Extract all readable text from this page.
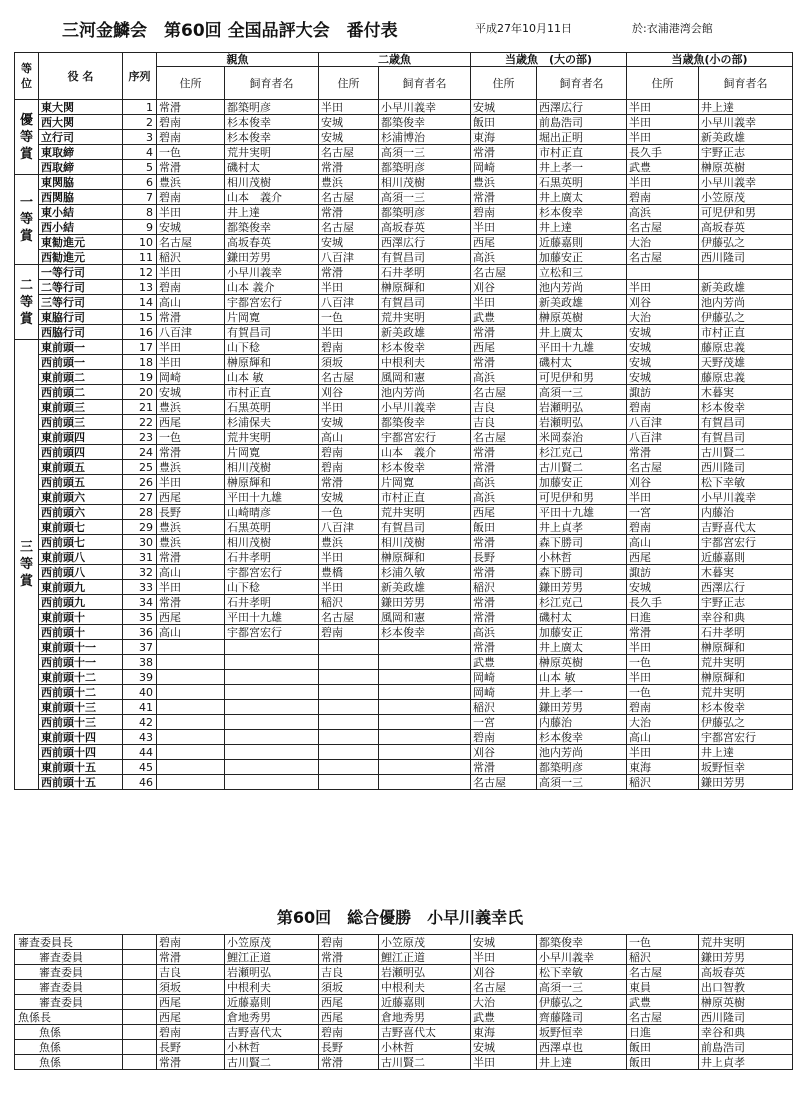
三河金鱗会　第60回 全国品評大会　番付表	平成27年10月11日	於:衣浦港湾会館
等位	役 名	序列	親魚		二歳魚		当歳魚　(大の部)		当歳魚(小の部)	
			住所	飼育者名	住所	飼育者名	住所	飼育者名	住所	飼育者名
優等賞	東大関	1	常滑	都築明彦	半田	小早川義幸	安城	西澤広行	半田	井上達
	西大関	2	碧南	杉本俊幸	安城	都築俊幸	飯田	前島浩司	半田	小早川義幸
	立行司	3	碧南	杉本俊幸	安城	杉浦博治	東海	堀出正明	半田	新美政雄
	東取締	4	一色	荒井実明	名古屋	高須一三	常滑	市村正直	長久手	宇野正志
	西取締	5	常滑	磯村太	常滑	都築明彦	岡崎	井上孝一	武豊	榊原英樹
一等賞	東関脇	6	豊浜	相川茂樹	豊浜	相川茂樹	豊浜	石黒英明	半田	小早川義幸
	西関脇	7	碧南	山本　義介	名古屋	高須一三	常滑	井上廣太	碧南	小笠原茂
	東小結	8	半田	井上達	常滑	都築明彦	碧南	杉本俊幸	高浜	可児伊和男
	西小結	9	安城	都築俊幸	名古屋	高坂春英	半田	井上達	名古屋	高坂春英
	東勧進元	10	名古屋	高坂春英	安城	西澤広行	西尾	近藤嘉則	大治	伊藤弘之
	西勧進元	11	稲沢	鎌田芳男	八百津	有賀昌司	高浜	加藤安正	名古屋	西川隆司
二等賞	一等行司	12	半田	小早川義幸	常滑	石井孝明	名古屋	立松和三		
	二等行司	13	碧南	山本 義介	半田	榊原輝和	刈谷	池内芳尚	半田	新美政雄
	三等行司	14	高山	宇都宮宏行	八百津	有賀昌司	半田	新美政雄	刈谷	池内芳尚
	東脇行司	15	常滑	片岡寛	一色	荒井実明	武豊	榊原英樹	大治	伊藤弘之
	西脇行司	16	八百津	有賀昌司	半田	新美政雄	常滑	井上廣太	安城	市村正直
三等賞	東前頭一	17	半田	山下稔	碧南	杉本俊幸	西尾	平田十九雄	安城	藤原忠義
	西前頭一	18	半田	榊原輝和	須坂	中根利夫	常滑	磯村太	安城	天野茂雄
	東前頭二	19	岡崎	山本 敏	名古屋	風岡和憲	高浜	可児伊和男	安城	藤原忠義
	西前頭二	20	安城	市村正直	刈谷	池内芳尚	名古屋	高須一三	諏訪	木暮実
	東前頭三	21	豊浜	石黒英明	半田	小早川義幸	吉良	岩瀬明弘	碧南	杉本俊幸
	西前頭三	22	西尾	杉浦保夫	安城	都築俊幸	吉良	岩瀬明弘	八百津	有賀昌司
	東前頭四	23	一色	荒井実明	高山	宇都宮宏行	名古屋	米岡泰治	八百津	有賀昌司
	西前頭四	24	常滑	片岡寛	碧南	山本　義介	常滑	杉江克己	常滑	古川賢二
	東前頭五	25	豊浜	相川茂樹	碧南	杉本俊幸	常滑	古川賢二	名古屋	西川隆司
	西前頭五	26	半田	榊原輝和	常滑	片岡寛	高浜	加藤安正	刈谷	松下幸敏
	東前頭六	27	西尾	平田十九雄	安城	市村正直	高浜	可児伊和男	半田	小早川義幸
	西前頭六	28	長野	山崎晴彦	一色	荒井実明	西尾	平田十九雄	一宮	内藤治
	東前頭七	29	豊浜	石黒英明	八百津	有賀昌司	飯田	井上貞孝	碧南	吉野喜代太
	西前頭七	30	豊浜	相川茂樹	豊浜	相川茂樹	常滑	森下勝司	高山	宇都宮宏行
	東前頭八	31	常滑	石井孝明	半田	榊原輝和	長野	小林哲	西尾	近藤嘉則
	西前頭八	32	高山	宇都宮宏行	豊橋	杉浦久敏	常滑	森下勝司	諏訪	木暮実
	東前頭九	33	半田	山下稔	半田	新美政雄	稲沢	鎌田芳男	安城	西澤広行
	西前頭九	34	常滑	石井孝明	稲沢	鎌田芳男	常滑	杉江克己	長久手	宇野正志
	東前頭十	35	西尾	平田十九雄	名古屋	風岡和憲	常滑	磯村太	日進	幸谷和典
	西前頭十	36	高山	宇都宮宏行	碧南	杉本俊幸	高浜	加藤安正	常滑	石井孝明
	東前頭十一	37					常滑	井上廣太	半田	榊原輝和
	西前頭十一	38					武豊	榊原英樹	一色	荒井実明
	東前頭十二	39					岡崎	山本 敏	半田	榊原輝和
	西前頭十二	40					岡崎	井上孝一	一色	荒井実明
	東前頭十三	41					稲沢	鎌田芳男	碧南	杉本俊幸
	西前頭十三	42					一宮	内藤治	大治	伊藤弘之
	東前頭十四	43					碧南	杉本俊幸	高山	宇都宮宏行
	西前頭十四	44					刈谷	池内芳尚	半田	井上達
	東前頭十五	45					常滑	都築明彦	東海	坂野恒幸
	西前頭十五	46					名古屋	高須一三	稲沢	鎌田芳男
第60回　総合優勝　小早川義幸氏
審査委員長		碧南	小笠原茂	碧南	小笠原茂	安城	都築俊幸	一色	荒井実明
審査委員		常滑	鯉江正道	常滑	鯉江正道	半田	小早川義幸	稲沢	鎌田芳男
審査委員		吉良	岩瀬明弘	吉良	岩瀬明弘	刈谷	松下幸敏	名古屋	高坂春英
審査委員		須坂	中根利夫	須坂	中根利夫	名古屋	高須一三	東員	出口智教
審査委員		西尾	近藤嘉則	西尾	近藤嘉則	大治	伊藤弘之	武豊	榊原英樹
魚係長		西尾	倉地秀男	西尾	倉地秀男	武豊	齊藤隆司	名古屋	西川隆司
魚係		碧南	吉野喜代太	碧南	吉野喜代太	東海	坂野恒幸	日進	幸谷和典
魚係		長野	小林哲	長野	小林哲	安城	西澤卓也	飯田	前島浩司
魚係		常滑	古川賢二	常滑	古川賢二	半田	井上達	飯田	井上貞孝
